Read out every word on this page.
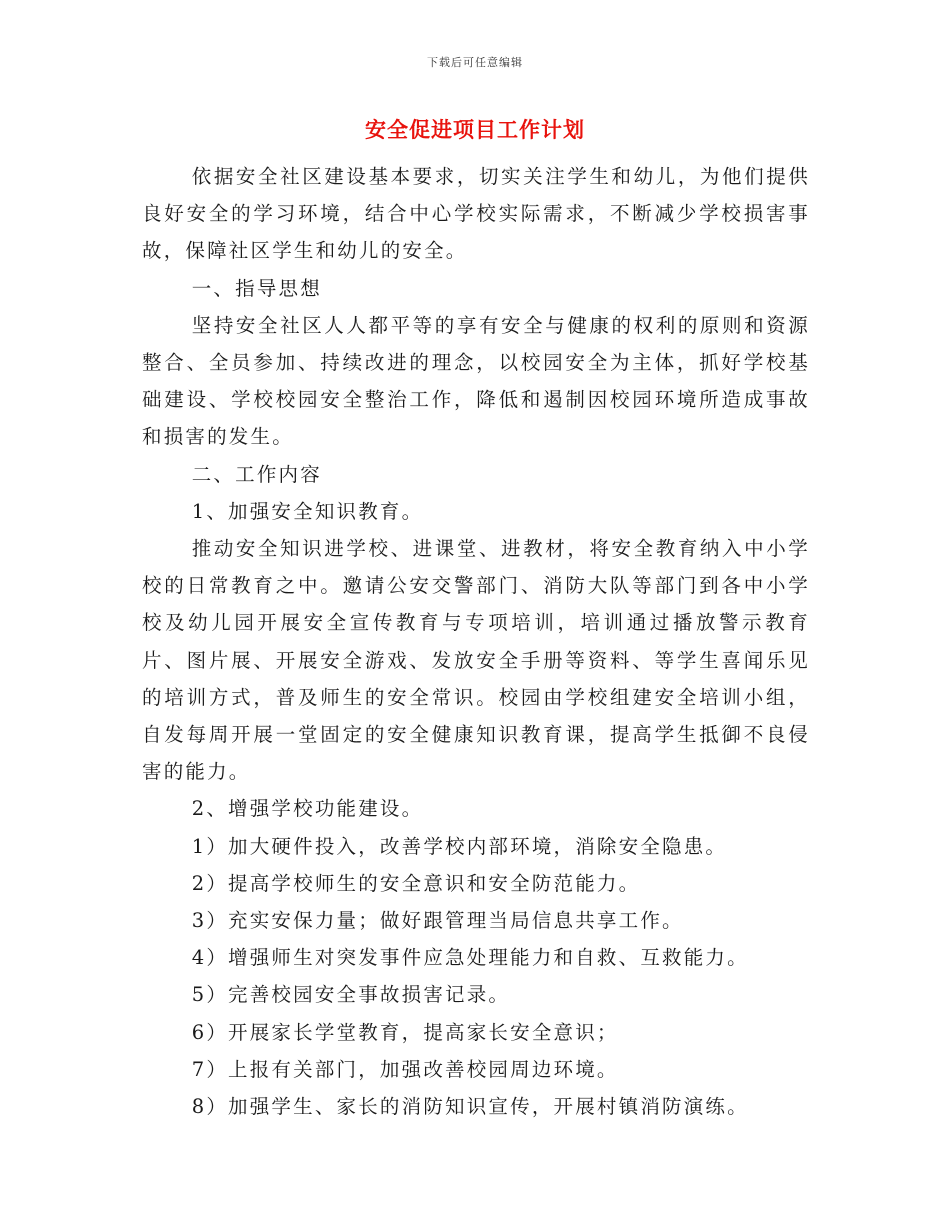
下载后可任意编辑
安全促进项目工作计划

依据安全社区建设基本要求，切实关注学生和幼儿，为他们提供良好安全的学习环境，结合中心学校实际需求，不断减少学校损害事故，保障社区学生和幼儿的安全。

一、指导思想

坚持安全社区人人都平等的享有安全与健康的权利的原则和资源整合、全员参加、持续改进的理念，以校园安全为主体，抓好学校基础建设、学校校园安全整治工作，降低和遏制因校园环境所造成事故和损害的发生。

二、工作内容

1、加强安全知识教育。

推动安全知识进学校、进课堂、进教材，将安全教育纳入中小学校的日常教育之中。邀请公安交警部门、消防大队等部门到各中小学校及幼儿园开展安全宣传教育与专项培训，培训通过播放警示教育片、图片展、开展安全游戏、发放安全手册等资料、等学生喜闻乐见的培训方式，普及师生的安全常识。校园由学校组建安全培训小组，自发每周开展一堂固定的安全健康知识教育课，提高学生抵御不良侵害的能力。

2、增强学校功能建设。

1）加大硬件投入，改善学校内部环境，消除安全隐患。

2）提高学校师生的安全意识和安全防范能力。

3）充实安保力量；做好跟管理当局信息共享工作。

4）增强师生对突发事件应急处理能力和自救、互救能力。

5）完善校园安全事故损害记录。

6）开展家长学堂教育，提高家长安全意识；

7）上报有关部门，加强改善校园周边环境。

8）加强学生、家长的消防知识宣传，开展村镇消防演练。
